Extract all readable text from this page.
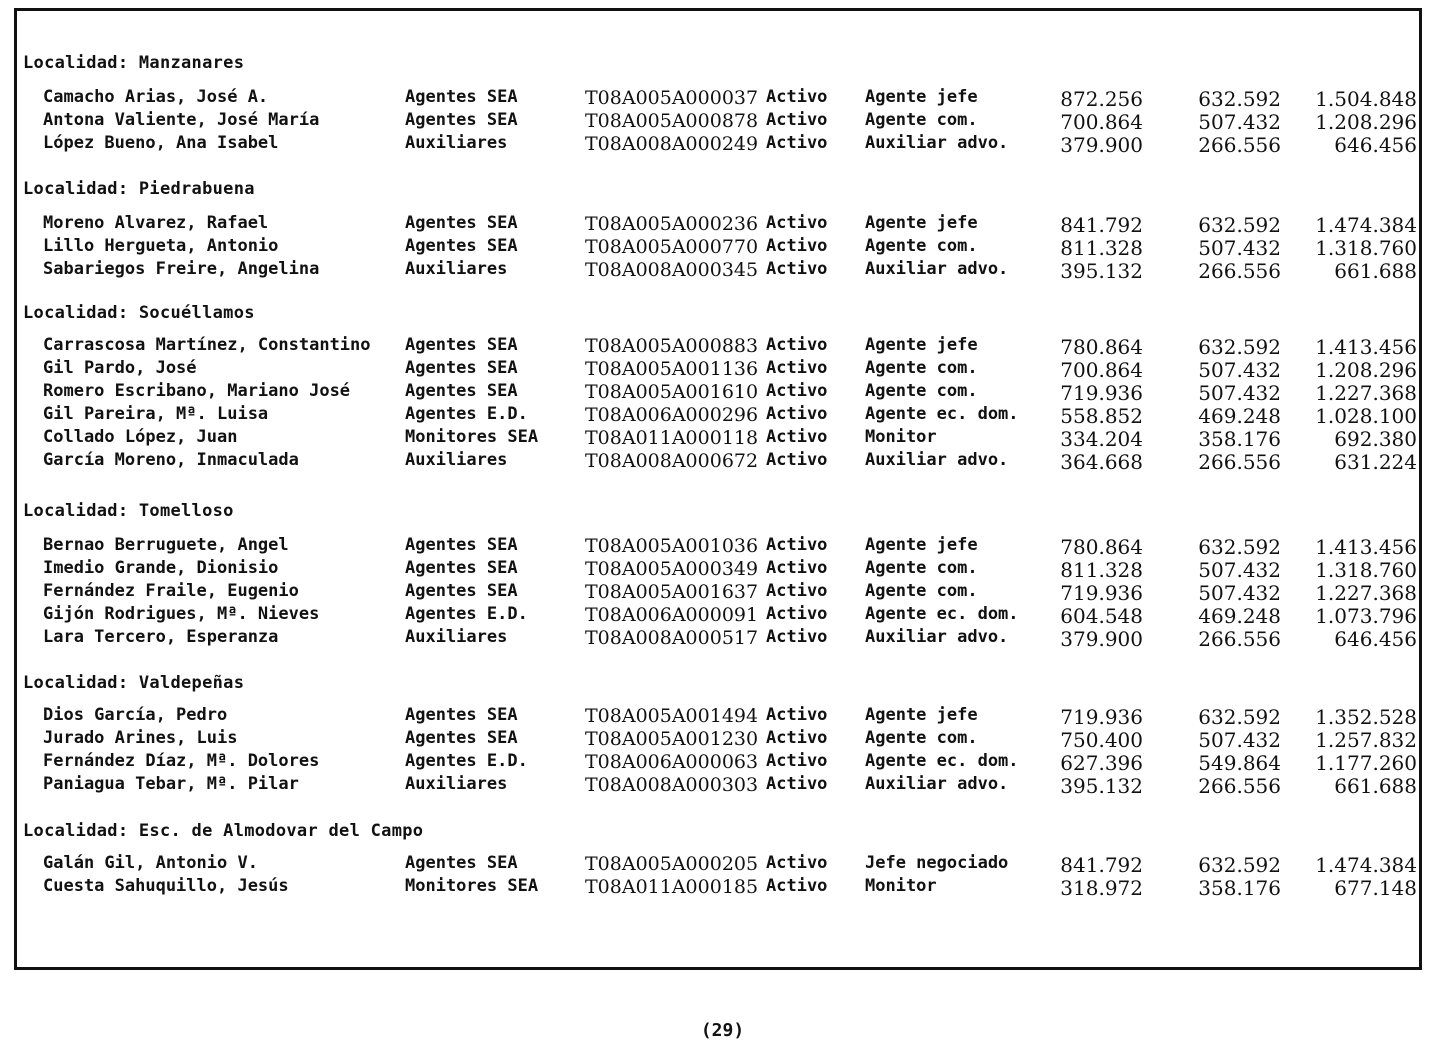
Localidad: Manzanares
Camacho Arias, José A.	Agentes SEA	T08A005A000037 Activo Agente jefe	872.256	632.592	1.504.848
Antona Valiente, José María	Agentes SEA	T08A005A000878 Activo Agente com.	700.864	507.432	1.208.296
López Bueno, Ana Isabel	Auxiliares	T08A008A000249 Activo Auxiliar advo.	379.900	266.556	646.456
Localidad: Piedrabuena
Moreno Alvarez, Rafael	Agentes SEA	T08A005A000236 Activo Agente jefe	841.792	632.592	1.474.384
Lillo Hergueta, Antonio	Agentes SEA	T08A005A000770 Activo Agente com.	811.328	507.432	1.318.760
Sabariegos Freire, Angelina	Auxiliares	T08A008A000345 Activo Auxiliar advo.	395.132	266.556	661.688
Localidad: Socuéllamos
Carrascosa Martínez, Constantino Agentes SEA	T08A005A000883 Activo Agente jefe	780.864	632.592	1.413.456
Gil Pardo, José	Agentes SEA	T08A005A001136 Activo Agente com.	700.864	507.432	1.208.296
Romero Escribano, Mariano José	Agentes SEA	T08A005A001610 Activo Agente com.	719.936	507.432	1.227.368
Gil Pareira, Mª. Luisa	Agentes E.D.	T08A006A000296 Activo Agente ec. dom.	558.852	469.248	1.028.100
Collado López, Juan	Monitores SEA T08A011A000118 Activo Monitor	334.204	358.176	692.380
García Moreno, Inmaculada	Auxiliares	T08A008A000672 Activo Auxiliar advo.	364.668	266.556	631.224
Localidad: Tomelloso
Bernao Berruguete, Angel	Agentes SEA	T08A005A001036 Activo Agente jefe	780.864	632.592	1.413.456
Imedio Grande, Dionisio	Agentes SEA	T08A005A000349 Activo Agente com.	811.328	507.432	1.318.760
Fernández Fraile, Eugenio	Agentes SEA	T08A005A001637 Activo Agente com.	719.936	507.432	1.227.368
Gijón Rodrigues, Mª. Nieves	Agentes E.D.	T08A006A000091 Activo Agente ec. dom.	604.548	469.248	1.073.796
Lara Tercero, Esperanza	Auxiliares	T08A008A000517 Activo Auxiliar advo.	379.900	266.556	646.456
Localidad: Valdepeñas
Dios García, Pedro	Agentes SEA	T08A005A001494 Activo Agente jefe	719.936	632.592	1.352.528
Jurado Arines, Luis	Agentes SEA	T08A005A001230 Activo Agente com.	750.400	507.432	1.257.832
Fernández Díaz, Mª. Dolores	Agentes E.D.	T08A006A000063 Activo Agente ec. dom.	627.396	549.864	1.177.260
Paniagua Tebar, Mª. Pilar	Auxiliares	T08A008A000303 Activo Auxiliar advo.	395.132	266.556	661.688
Localidad: Esc. de Almodovar del Campo
Galán Gil, Antonio V.	Agentes SEA	T08A005A000205 Activo Jefe negociado	841.792	632.592	1.474.384
Cuesta Sahuquillo, Jesús	Monitores SEA T08A011A000185 Activo Monitor	318.972	358.176	677.148
(29)
